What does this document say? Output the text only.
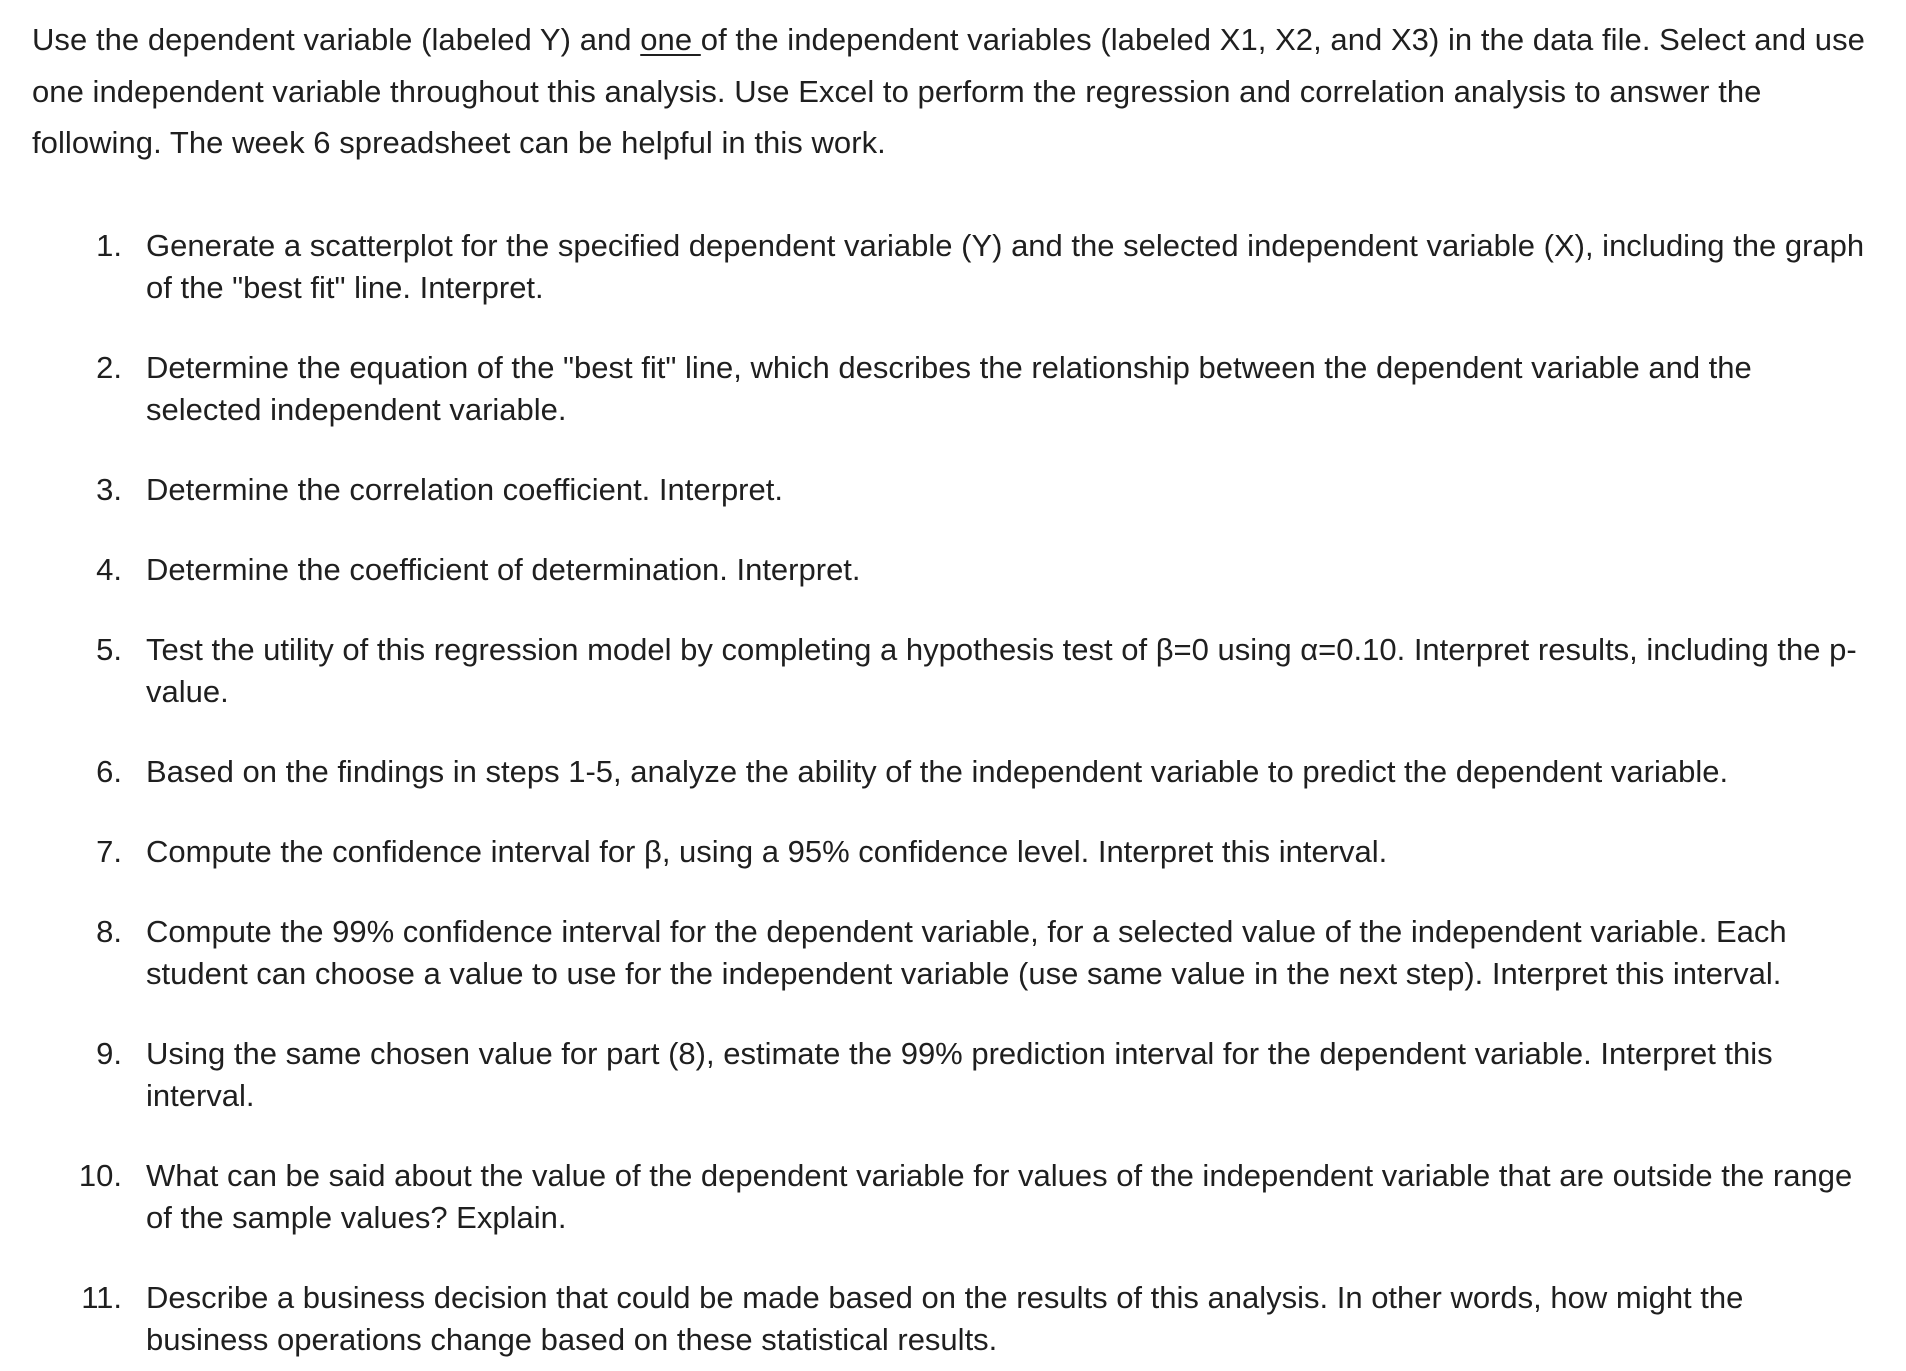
Use the dependent variable (labeled Y) and one of the independent variables (labeled X1, X2, and X3) in the data file. Select and use one independent variable throughout this analysis. Use Excel to perform the regression and correlation analysis to answer the following. The week 6 spreadsheet can be helpful in this work.

1. Generate a scatterplot for the specified dependent variable (Y) and the selected independent variable (X), including the graph of the "best fit" line. Interpret.
2. Determine the equation of the "best fit" line, which describes the relationship between the dependent variable and the selected independent variable.
3. Determine the correlation coefficient. Interpret.
4. Determine the coefficient of determination. Interpret.
5. Test the utility of this regression model by completing a hypothesis test of β=0 using α=0.10. Interpret results, including the p-value.
6. Based on the findings in steps 1-5, analyze the ability of the independent variable to predict the dependent variable.
7. Compute the confidence interval for β, using a 95% confidence level. Interpret this interval.
8. Compute the 99% confidence interval for the dependent variable, for a selected value of the independent variable. Each student can choose a value to use for the independent variable (use same value in the next step). Interpret this interval.
9. Using the same chosen value for part (8), estimate the 99% prediction interval for the dependent variable. Interpret this interval.
10. What can be said about the value of the dependent variable for values of the independent variable that are outside the range of the sample values? Explain.
11. Describe a business decision that could be made based on the results of this analysis. In other words, how might the business operations change based on these statistical results.
